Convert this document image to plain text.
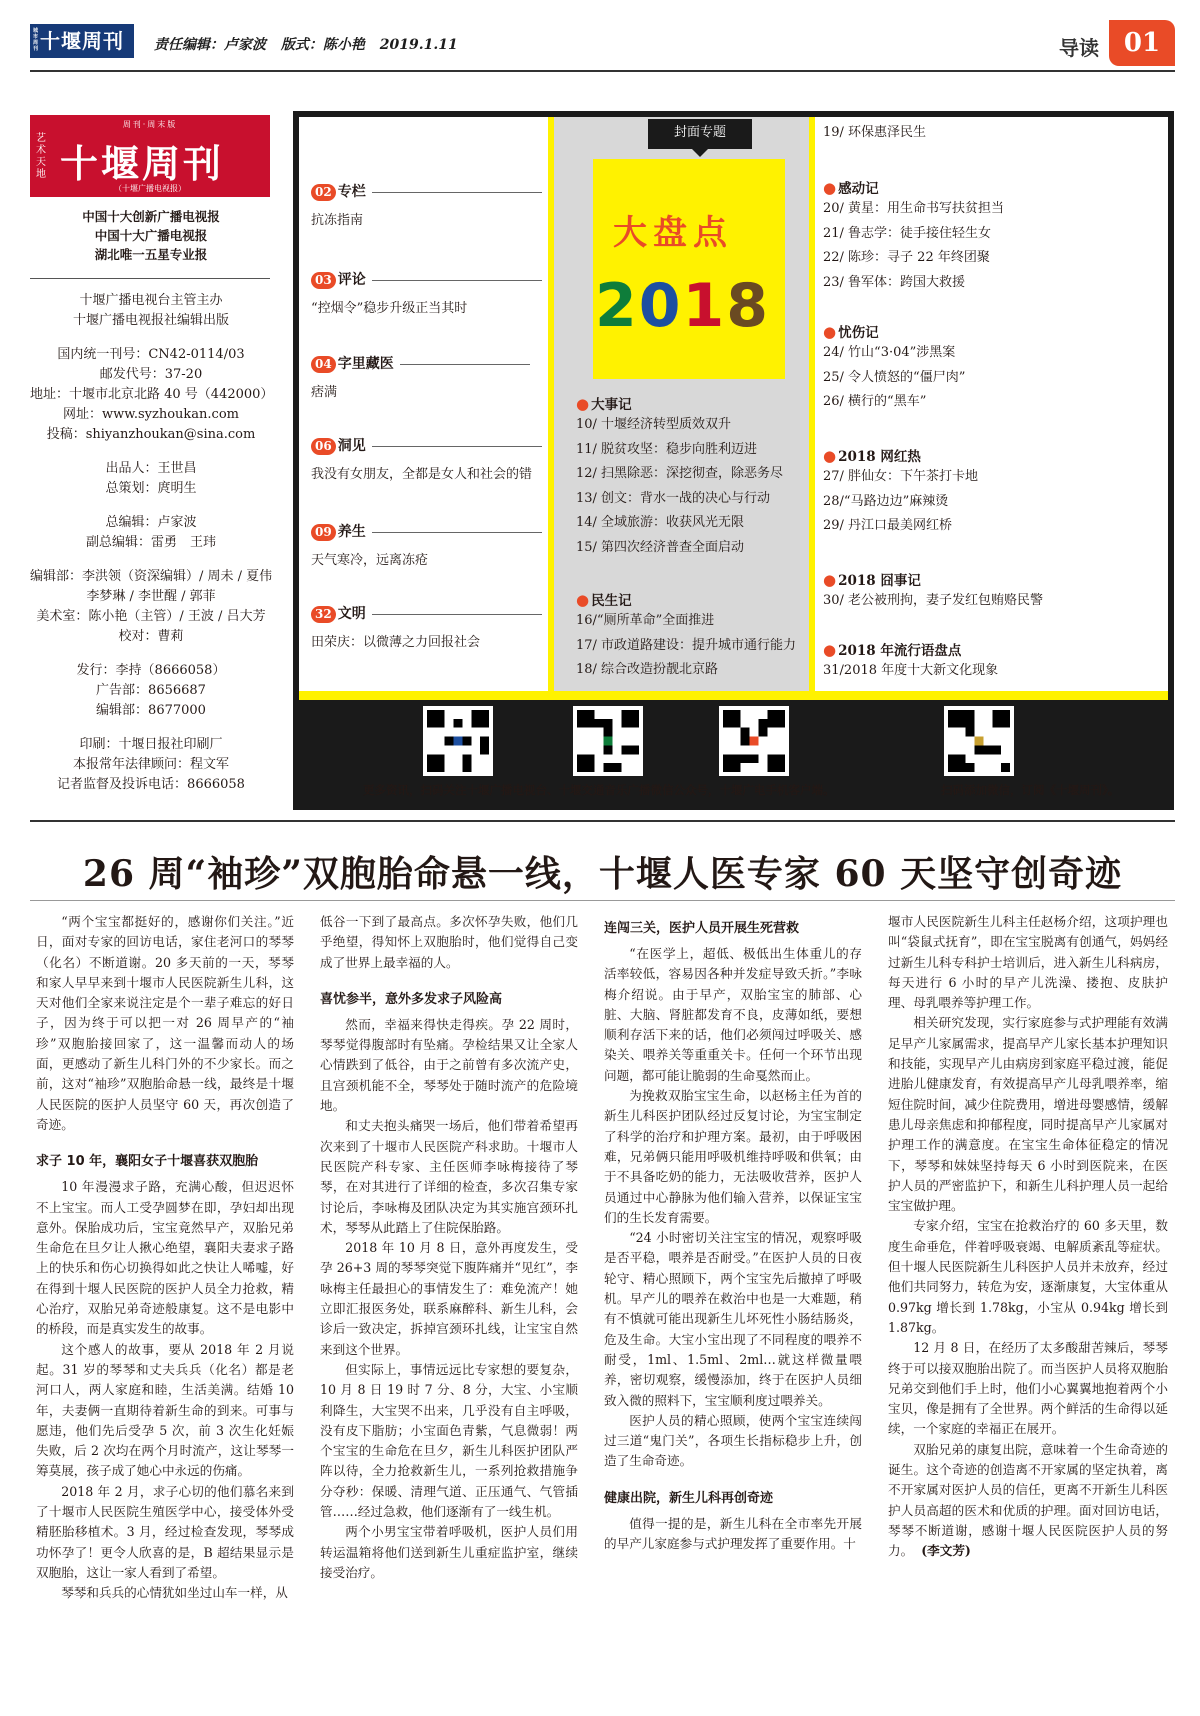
城市周刊 十堰周刊	责任编辑：卢家波 版式：陈小艳 2019.1.11	导读 01
周刊·周末版
艺术天地 十堰周刊
（十堰广播电视报）
中国十大创新广播电视报
中国十大广播电视报
湖北唯一五星专业报
十堰广播电视台主管主办
十堰广播电视报社编辑出版
国内统一刊号：CN42-0114/03
邮发代号：37-20
地址：十堰市北京北路 40 号（442000）
网址：www.syzhoukan.com
投稿：shiyanzhoukan@sina.com
出品人：王世昌
总策划：庹明生
总编辑：卢家波
副总编辑：雷勇　王玮
编辑部：李洪领（资深编辑）/ 周未 / 夏伟
李梦琳 / 李世醒 / 郭菲
美术室：陈小艳（主管）/ 王波 / 吕大芳
校对：曹莉
发行：李持（8666058）
广告部：8656687
编辑部：8677000
印刷：十堰日报社印刷厂
本报常年法律顾问：程文军
记者监督及投诉电话：8666058
02 专栏
抗冻指南
03 评论
“控烟令”稳步升级正当其时
04 字里藏医
痞满
06 洞见
我没有女朋友，全都是女人和社会的错
09 养生
天气寒冷，远离冻疮
32 文明
田荣庆：以微薄之力回报社会
● 大事记
10/ 十堰经济转型质效双升
11/ 脱贫攻坚：稳步向胜利迈进
12/ 扫黑除恶：深挖彻查，除恶务尽
13/ 创文：背水一战的决心与行动
14/ 全域旅游：收获风光无限
15/ 第四次经济普查全面启动
● 民生记
16/“厕所革命”全面推进
17/ 市政道路建设：提升城市通行能力
18/ 综合改造扮靓北京路
封面专题
大盘点
2018
19/ 环保惠泽民生
● 感动记
20/ 黄星：用生命书写扶贫担当
21/ 鲁志学：徒手接住轻生女
22/ 陈珍：寻子 22 年终团聚
23/ 鲁军体：跨国大救援
● 忧伤记
24/ 竹山“3·04”涉黑案
25/ 令人愤怒的“僵尸肉”
26/ 横行的“黑车”
● 2018 网红热
27/ 胖仙女：下午茶打卡地
28/“马路边边”麻辣烫
29/ 丹江口最美网红桥
● 2018 囧事记
30/ 老公被刑拘，妻子发红包贿赂民警
● 2018 年流行语盘点
31/2018 年度十大新文化现象
更多资讯，扫码关注十堰广播电视台、十堰交通音乐广播微信公众号，十堰广电手机客户端。	扫码添加微信，订阅《十堰周刊》。
26 周“袖珍”双胞胎命悬一线，十堰人医专家 60 天坚守创奇迹

“两个宝宝都挺好的，感谢你们关注。”近日，面对专家的回访电话，家住老河口的琴琴（化名）不断道谢。20 多天前的一天，琴琴和家人早早来到十堰市人民医院新生儿科，这天对他们全家来说注定是个一辈子难忘的好日子，因为终于可以把一对 26 周早产的“袖珍”双胞胎接回家了，这一温馨而动人的场面，更感动了新生儿科门外的不少家长。而之前，这对“袖珍”双胞胎命悬一线，最终是十堰人民医院的医护人员坚守 60 天，再次创造了奇迹。

求子 10 年，襄阳女子十堰喜获双胞胎

10 年漫漫求子路，充满心酸，但迟迟怀不上宝宝。而人工受孕圆梦在即，孕妇却出现意外。保胎成功后，宝宝竟然早产，双胎兄弟生命危在旦夕让人揪心绝望，襄阳夫妻求子路上的快乐和伤心切换得如此之快让人唏嘘，好在得到十堰人民医院的医护人员全力抢救，精心治疗，双胎兄弟奇迹般康复。这不是电影中的桥段，而是真实发生的故事。

这个感人的故事，要从 2018 年 2 月说起。31 岁的琴琴和丈夫兵兵（化名）都是老河口人，两人家庭和睦，生活美满。结婚 10 年，夫妻俩一直期待着新生命的到来。可事与愿违，他们先后受孕 5 次，前 3 次生化妊娠失败，后 2 次均在两个月时流产，这让琴琴一筹莫展，孩子成了她心中永远的伤痛。

2018 年 2 月，求子心切的他们慕名来到了十堰市人民医院生殖医学中心，接受体外受精胚胎移植术。3 月，经过检查发现，琴琴成功怀孕了！更令人欣喜的是，B 超结果显示是双胞胎，这让一家人看到了希望。

琴琴和兵兵的心情犹如坐过山车一样，从

低谷一下到了最高点。多次怀孕失败，他们几乎绝望，得知怀上双胞胎时，他们觉得自己变成了世界上最幸福的人。

喜忧参半，意外多发求子风险高

然而，幸福来得快走得疾。孕 22 周时，琴琴觉得腹部时有坠痛。孕检结果又让全家人心情跌到了低谷，由于之前曾有多次流产史，且宫颈机能不全，琴琴处于随时流产的危险境地。

和丈夫抱头痛哭一场后，他们带着希望再次来到了十堰市人民医院产科求助。十堰市人民医院产科专家、主任医师李咏梅接待了琴琴，在对其进行了详细的检查，多次召集专家讨论后，李咏梅及团队决定为其实施宫颈环扎术，琴琴从此踏上了住院保胎路。

2018 年 10 月 8 日，意外再度发生，受孕 26+3 周的琴琴突觉下腹阵痛并“见红”，李咏梅主任最担心的事情发生了：难免流产！她立即汇报医务处，联系麻醉科、新生儿科，会诊后一致决定，拆掉宫颈环扎线，让宝宝自然来到这个世界。

但实际上，事情远远比专家想的要复杂，10 月 8 日 19 时 7 分、8 分，大宝、小宝顺利降生，大宝哭不出来，几乎没有自主呼吸，没有皮下脂肪；小宝面色青紫，气息微弱！两个宝宝的生命危在旦夕，新生儿科医护团队严阵以待，全力抢救新生儿，一系列抢救措施争分夺秒：保暖、清理气道、正压通气、气管插管……经过急救，他们逐渐有了一线生机。

两个小男宝宝带着呼吸机，医护人员们用转运温箱将他们送到新生儿重症监护室，继续接受治疗。

连闯三关，医护人员开展生死营救

“在医学上，超低、极低出生体重儿的存活率较低，容易因各种并发症导致夭折。”李咏梅介绍说。由于早产，双胎宝宝的肺部、心脏、大脑、肾脏都发育不良，皮薄如纸，要想顺利存活下来的话，他们必须闯过呼吸关、感染关、喂养关等重重关卡。任何一个环节出现问题，都可能让脆弱的生命戛然而止。

为挽救双胎宝宝生命，以赵杨主任为首的新生儿科医护团队经过反复讨论，为宝宝制定了科学的治疗和护理方案。最初，由于呼吸困难，兄弟俩只能用呼吸机维持呼吸和供氧；由于不具备吃奶的能力，无法吸收营养，医护人员通过中心静脉为他们输入营养，以保证宝宝们的生长发育需要。

“24 小时密切关注宝宝的情况，观察呼吸是否平稳，喂养是否耐受。”在医护人员的日夜轮守、精心照顾下，两个宝宝先后撤掉了呼吸机。早产儿的喂养在救治中也是一大难题，稍有不慎就可能出现新生儿坏死性小肠结肠炎，危及生命。大宝小宝出现了不同程度的喂养不耐受，1ml、1.5ml、2ml…就这样微量喂养，密切观察，缓慢添加，终于在医护人员细致入微的照料下，宝宝顺利度过喂养关。

医护人员的精心照顾，使两个宝宝连续闯过三道“鬼门关”，各项生长指标稳步上升，创造了生命奇迹。

健康出院，新生儿科再创奇迹

值得一提的是，新生儿科在全市率先开展的早产儿家庭参与式护理发挥了重要作用。十

堰市人民医院新生儿科主任赵杨介绍，这项护理也叫“袋鼠式抚育”，即在宝宝脱离有创通气，妈妈经过新生儿科专科护士培训后，进入新生儿科病房，每天进行 6 小时的早产儿洗澡、搂抱、皮肤护理、母乳喂养等护理工作。

相关研究发现，实行家庭参与式护理能有效满足早产儿家属需求，提高早产儿家长基本护理知识和技能，实现早产儿由病房到家庭平稳过渡，能促进胎儿健康发育，有效提高早产儿母乳喂养率，缩短住院时间，减少住院费用，增进母婴感情，缓解患儿母亲焦虑和抑郁程度，同时提高早产儿家属对护理工作的满意度。在宝宝生命体征稳定的情况下，琴琴和妹妹坚持每天 6 小时到医院来，在医护人员的严密监护下，和新生儿科护理人员一起给宝宝做护理。

专家介绍，宝宝在抢救治疗的 60 多天里，数度生命垂危，伴着呼吸衰竭、电解质紊乱等症状。但十堰人民医院新生儿科医护人员并未放弃，经过他们共同努力，转危为安，逐渐康复，大宝体重从 0.97kg 增长到 1.78kg，小宝从 0.94kg 增长到 1.87kg。

12 月 8 日，在经历了太多酸甜苦辣后，琴琴终于可以接双胞胎出院了。而当医护人员将双胞胎兄弟交到他们手上时，他们小心翼翼地抱着两个小宝贝，像是拥有了全世界。两个鲜活的生命得以延续，一个家庭的幸福正在展开。

双胎兄弟的康复出院，意味着一个生命奇迹的诞生。这个奇迹的创造离不开家属的坚定执着，离不开家属对医护人员的信任，更离不开新生儿科医护人员高超的医术和优质的护理。面对回访电话，琴琴不断道谢，感谢十堰人民医院医护人员的努力。 (李文芳)
